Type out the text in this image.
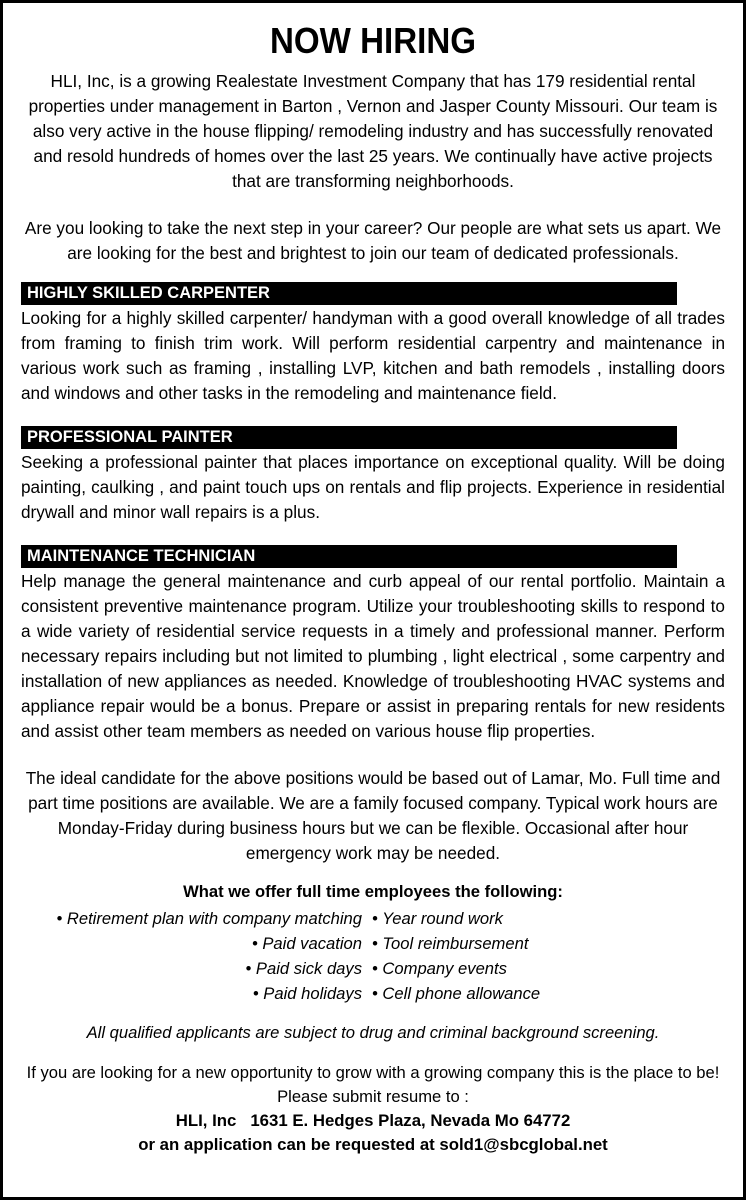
NOW HIRING

HLI, Inc, is a growing Realestate Investment Company that has 179 residential rental properties under management in Barton , Vernon and Jasper County Missouri. Our team is also very active in the house flipping/ remodeling industry and has successfully renovated and resold hundreds of homes over the last 25 years. We continually have active projects that are transforming neighborhoods.

Are you looking to take the next step in your career? Our people are what sets us apart. We are looking for the best and brightest to join our team of dedicated professionals.

HIGHLY SKILLED CARPENTER

Looking for a highly skilled carpenter/ handyman with a good overall knowledge of all trades from framing to finish trim work. Will perform residential carpentry and maintenance in various work such as framing , installing LVP, kitchen and bath remodels , installing doors and windows and other tasks in the remodeling and maintenance field.

PROFESSIONAL PAINTER

Seeking a professional painter that places importance on exceptional quality. Will be doing painting, caulking , and paint touch ups on rentals and flip projects. Experience in residential drywall and minor wall repairs is a plus.

MAINTENANCE TECHNICIAN

Help manage the general maintenance and curb appeal of our rental portfolio. Maintain a consistent preventive maintenance program. Utilize your troubleshooting skills to respond to a wide variety of residential service requests in a timely and professional manner. Perform necessary repairs including but not limited to plumbing , light electrical , some carpentry and installation of new appliances as needed. Knowledge of troubleshooting HVAC systems and appliance repair would be a bonus. Prepare or assist in preparing rentals for new residents and assist other team members as needed on various house flip properties.

The ideal candidate for the above positions would be based out of Lamar, Mo. Full time and part time positions are available. We are a family focused company. Typical work hours are Monday-Friday during business hours but we can be flexible. Occasional after hour emergency work may be needed.

What we offer full time employees the following:
• Retirement plan with company matching
• Paid vacation
• Paid sick days
• Paid holidays
• Year round work
• Tool reimbursement
• Company events
• Cell phone allowance
All qualified applicants are subject to drug and criminal background screening.
If you are looking for a new opportunity to grow with a growing company this is the place to be! Please submit resume to :
HLI, Inc 1631 E. Hedges Plaza, Nevada Mo 64772
or an application can be requested at sold1@sbcglobal.net
